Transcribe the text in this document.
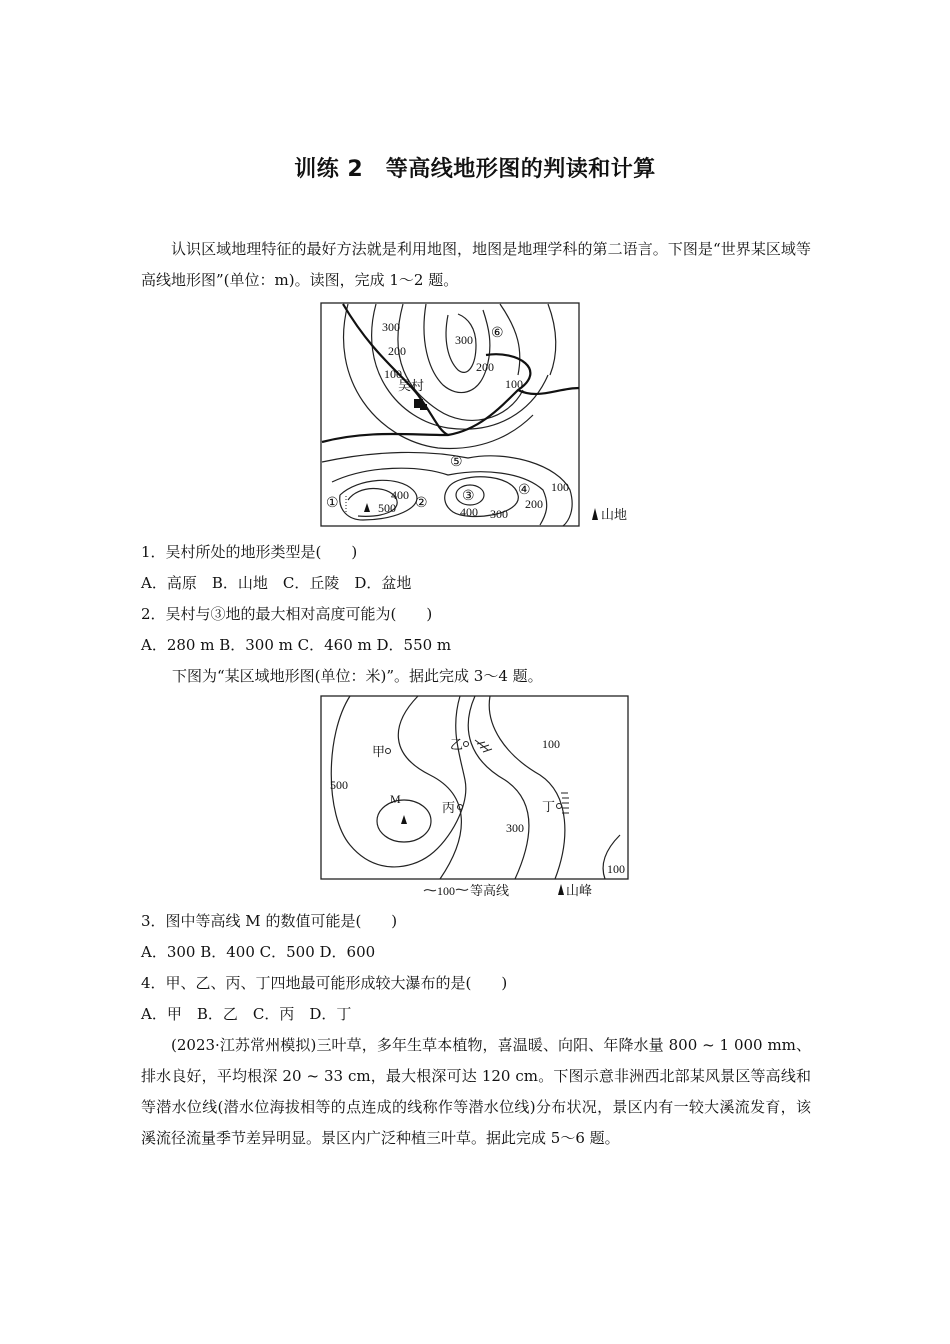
训练 2　等高线地形图的判读和计算

认识区域地理特征的最好方法就是利用地图，地图是地理学科的第二语言。下图是“世界某区域等高线地形图”(单位：m)。读图，完成 1～2 题。

山地
300
200
100
吴村
300
200
100
⑥
⑤
①
400
500 ② ③
400 300
④
200
100

1．吴村所处的地形类型是(　　)

A．高原　B．山地　C．丘陵　D．盆地

2．吴村与③地的最大相对高度可能为(　　)

A．280 m B．300 m C．460 m D．550 m

下图为“某区域地形图(单位：米)”。据此完成 3～4 题。

甲	乙
丙	丁
M
500
300
100
100
100 等高线	山峰

3．图中等高线 M 的数值可能是(　　)

A．300 B．400 C．500 D．600

4．甲、乙、丙、丁四地最可能形成较大瀑布的是(　　)

A．甲　B．乙　C．丙　D．丁

(2023·江苏常州模拟)三叶草，多年生草本植物，喜温暖、向阳、年降水量 800 ~ 1 000 mm、排水良好，平均根深 20 ~ 33 cm，最大根深可达 120 cm。下图示意非洲西北部某风景区等高线和等潜水位线(潜水位海拔相等的点连成的线称作等潜水位线)分布状况，景区内有一较大溪流发育，该溪流径流量季节差异明显。景区内广泛种植三叶草。据此完成 5～6 题。
